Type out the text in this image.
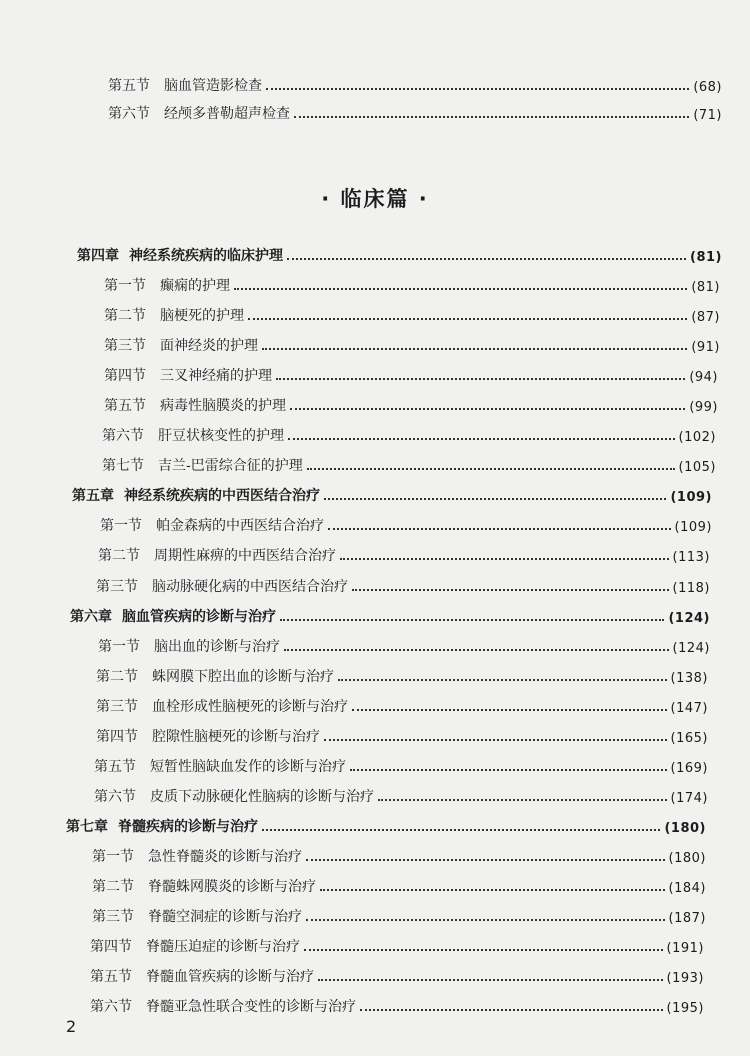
· 临床篇 ·
第五节	脑血管造影检查	(68)
第六节	经颅多普勒超声检查	(71)
第四章 神经系统疾病的临床护理	(81)
第一节	癫痫的护理	(81)
第二节	脑梗死的护理	(87)
第三节	面神经炎的护理	(91)
第四节	三叉神经痛的护理	(94)
第五节	病毒性脑膜炎的护理	(99)
第六节	肝豆状核变性的护理	(102)
第七节	吉兰-巴雷综合征的护理	(105)
第五章 神经系统疾病的中西医结合治疗	(109)
第一节	帕金森病的中西医结合治疗	(109)
第二节	周期性麻痹的中西医结合治疗	(113)
第三节	脑动脉硬化病的中西医结合治疗	(118)
第六章 脑血管疾病的诊断与治疗	(124)
第一节	脑出血的诊断与治疗	(124)
第二节	蛛网膜下腔出血的诊断与治疗	(138)
第三节	血栓形成性脑梗死的诊断与治疗	(147)
第四节	腔隙性脑梗死的诊断与治疗	(165)
第五节	短暂性脑缺血发作的诊断与治疗	(169)
第六节	皮质下动脉硬化性脑病的诊断与治疗	(174)
第七章 脊髓疾病的诊断与治疗	(180)
第一节	急性脊髓炎的诊断与治疗	(180)
第二节	脊髓蛛网膜炎的诊断与治疗	(184)
第三节	脊髓空洞症的诊断与治疗	(187)
第四节	脊髓压迫症的诊断与治疗	(191)
第五节	脊髓血管疾病的诊断与治疗	(193)
第六节	脊髓亚急性联合变性的诊断与治疗	(195)
2
